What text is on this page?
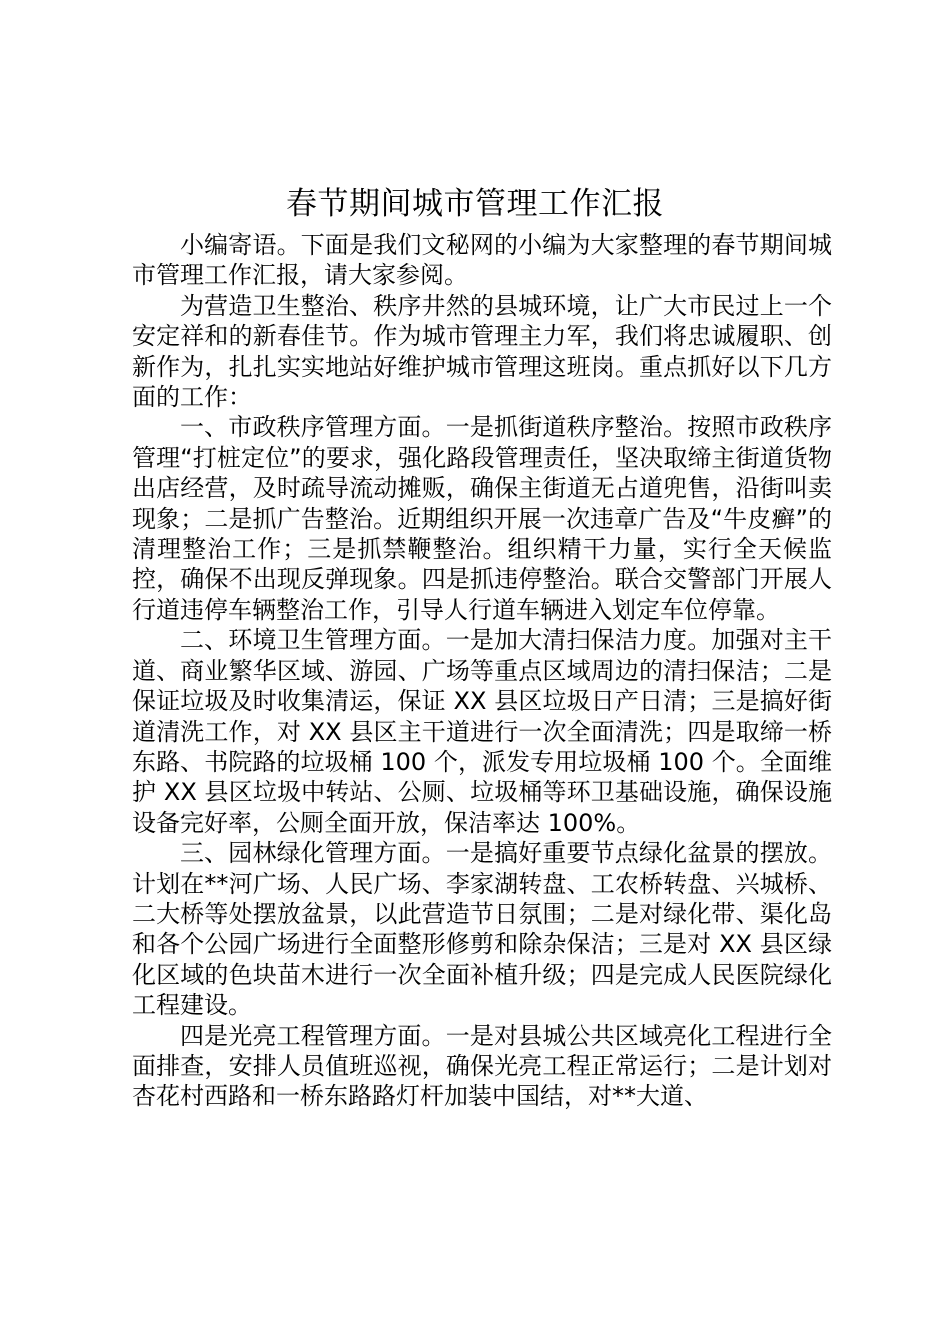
春节期间城市管理工作汇报

小编寄语。下面是我们文秘网的小编为大家整理的春节期间城市管理工作汇报，请大家参阅。

为营造卫生整治、秩序井然的县城环境，让广大市民过上一个安定祥和的新春佳节。作为城市管理主力军，我们将忠诚履职、创新作为，扎扎实实地站好维护城市管理这班岗。重点抓好以下几方面的工作：

一、市政秩序管理方面。一是抓街道秩序整治。按照市政秩序管理“打桩定位”的要求，强化路段管理责任，坚决取缔主街道货物出店经营，及时疏导流动摊贩，确保主街道无占道兜售，沿街叫卖现象；二是抓广告整治。近期组织开展一次违章广告及“牛皮癣”的清理整治工作；三是抓禁鞭整治。组织精干力量，实行全天候监控，确保不出现反弹现象。四是抓违停整治。联合交警部门开展人行道违停车辆整治工作，引导人行道车辆进入划定车位停靠。

二、环境卫生管理方面。一是加大清扫保洁力度。加强对主干道、商业繁华区域、游园、广场等重点区域周边的清扫保洁；二是保证垃圾及时收集清运，保证 XX 县区垃圾日产日清；三是搞好街道清洗工作，对 XX 县区主干道进行一次全面清洗；四是取缔一桥东路、书院路的垃圾桶 100 个，派发专用垃圾桶 100 个。全面维护 XX 县区垃圾中转站、公厕、垃圾桶等环卫基础设施，确保设施设备完好率，公厕全面开放，保洁率达 100%。

三、园林绿化管理方面。一是搞好重要节点绿化盆景的摆放。计划在**河广场、人民广场、李家湖转盘、工农桥转盘、兴城桥、二大桥等处摆放盆景，以此营造节日氛围；二是对绿化带、渠化岛和各个公园广场进行全面整形修剪和除杂保洁；三是对 XX 县区绿化区域的色块苗木进行一次全面补植升级；四是完成人民医院绿化工程建设。

四是光亮工程管理方面。一是对县城公共区域亮化工程进行全面排查，安排人员值班巡视，确保光亮工程正常运行；二是计划对杏花村西路和一桥东路路灯杆加装中国结，对**大道、
